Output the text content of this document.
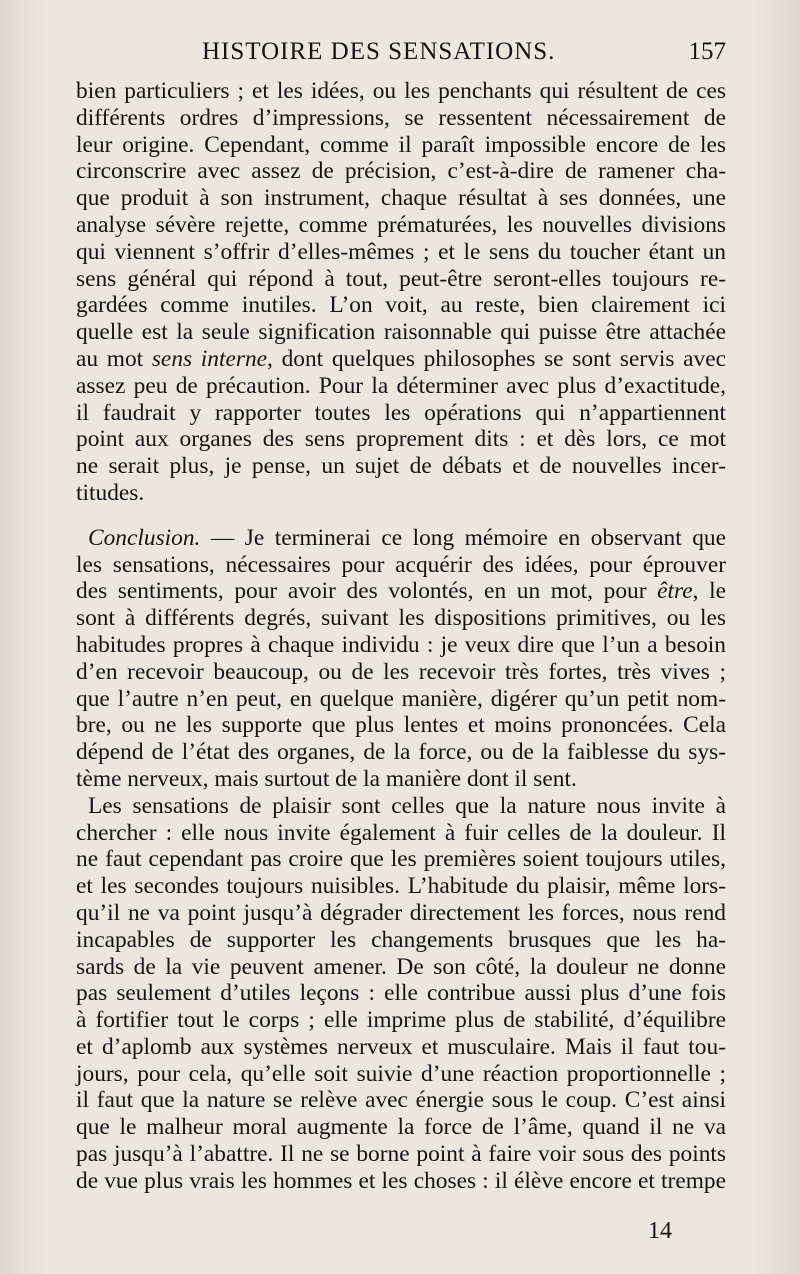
HISTOIRE DES SENSATIONS.	157

bien particuliers ; et les idées, ou les penchants qui résultent de ces
différents ordres d’impressions, se ressentent nécessairement de
leur origine. Cependant, comme il paraît impossible encore de les
circonscrire avec assez de précision, c’est-à-dire de ramener cha-
que produit à son instrument, chaque résultat à ses données, une
analyse sévère rejette, comme prématurées, les nouvelles divisions
qui viennent s’offrir d’elles-mêmes ; et le sens du toucher étant un
sens général qui répond à tout, peut-être seront-elles toujours re-
gardées comme inutiles. L’on voit, au reste, bien clairement ici
quelle est la seule signification raisonnable qui puisse être attachée
au mot sens interne, dont quelques philosophes se sont servis avec
assez peu de précaution. Pour la déterminer avec plus d’exactitude,
il faudrait y rapporter toutes les opérations qui n’appartiennent
point aux organes des sens proprement dits : et dès lors, ce mot
ne serait plus, je pense, un sujet de débats et de nouvelles incer-
titudes.

Conclusion. — Je terminerai ce long mémoire en observant que
les sensations, nécessaires pour acquérir des idées, pour éprouver
des sentiments, pour avoir des volontés, en un mot, pour être, le
sont à différents degrés, suivant les dispositions primitives, ou les
habitudes propres à chaque individu : je veux dire que l’un a besoin
d’en recevoir beaucoup, ou de les recevoir très fortes, très vives ;
que l’autre n’en peut, en quelque manière, digérer qu’un petit nom-
bre, ou ne les supporte que plus lentes et moins prononcées. Cela
dépend de l’état des organes, de la force, ou de la faiblesse du sys-
tème nerveux, mais surtout de la manière dont il sent.

Les sensations de plaisir sont celles que la nature nous invite à
chercher : elle nous invite également à fuir celles de la douleur. Il
ne faut cependant pas croire que les premières soient toujours utiles,
et les secondes toujours nuisibles. L’habitude du plaisir, même lors-
qu’il ne va point jusqu’à dégrader directement les forces, nous rend
incapables de supporter les changements brusques que les ha-
sards de la vie peuvent amener. De son côté, la douleur ne donne
pas seulement d’utiles leçons : elle contribue aussi plus d’une fois
à fortifier tout le corps ; elle imprime plus de stabilité, d’équilibre
et d’aplomb aux systèmes nerveux et musculaire. Mais il faut tou-
jours, pour cela, qu’elle soit suivie d’une réaction proportionnelle ;
il faut que la nature se relève avec énergie sous le coup. C’est ainsi
que le malheur moral augmente la force de l’âme, quand il ne va
pas jusqu’à l’abattre. Il ne se borne point à faire voir sous des points
de vue plus vrais les hommes et les choses : il élève encore et trempe

14
